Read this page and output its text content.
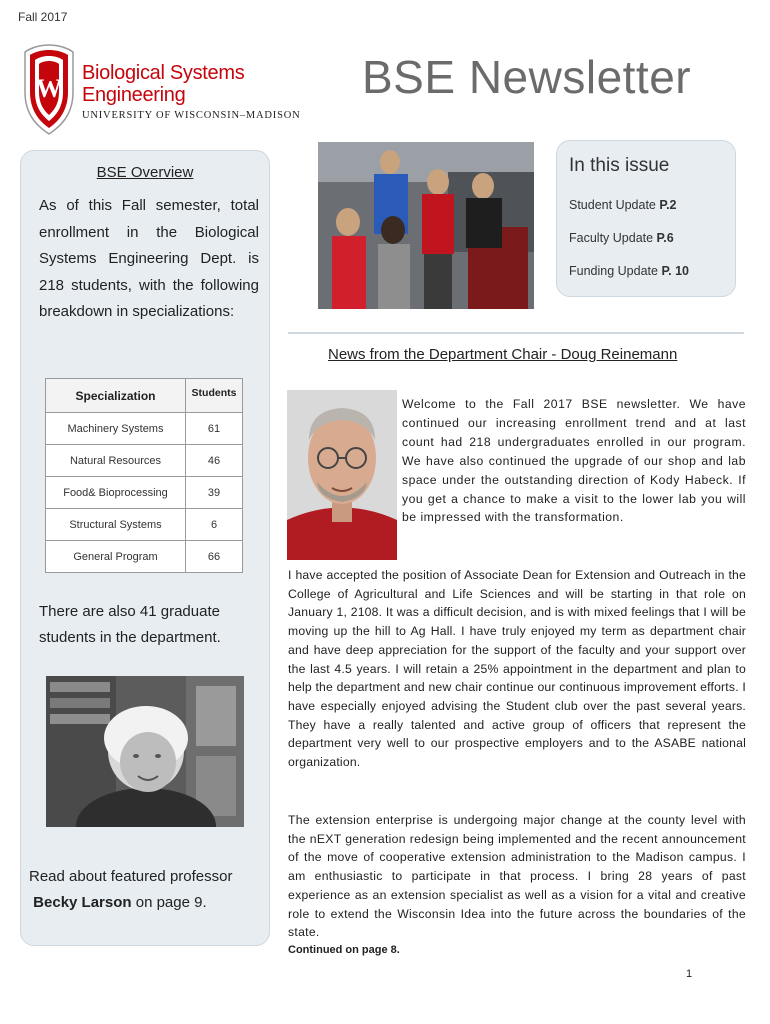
Fall 2017
W
Biological Systems
Engineering
UNIVERSITY OF WISCONSIN–MADISON
BSE Newsletter
BSE Overview
As of this Fall semester, total enrollment in the Biological Systems Engineering Dept. is 218 students, with the following breakdown in specializations:
Specialization	Students
Machinery Systems	61
Natural Resources	46
Food& Bioprocessing	39
Structural Systems	6
General Program	66
There are also 41 graduate students in the department.
Read about featured professor
Becky Larson on page 9.
In this issue
Student Update P.2
Faculty Update P.6
Funding Update P. 10
News from the Department Chair - Doug Reinemann
Welcome to the Fall 2017 BSE newsletter. We have continued our increasing enrollment trend and at last count had 218 undergraduates enrolled in our program. We have also continued the upgrade of our shop and lab space under the outstanding direction of Kody Habeck. If you get a chance to make a visit to the lower lab you will be impressed with the transformation.
I have accepted the position of Associate Dean for Extension and Outreach in the College of Agricultural and Life Sciences and will be starting in that role on January 1, 2108. It was a difficult decision, and is with mixed feelings that I will be moving up the hill to Ag Hall. I have truly enjoyed my term as department chair and have deep appreciation for the support of the faculty and your support over the last 4.5 years. I will retain a 25% appointment in the department and plan to help the department and new chair continue our continuous improvement efforts. I have especially enjoyed advising the Student club over the past several years. They have a really talented and active group of officers that represent the department very well to our prospective employers and to the ASABE national organization.
The extension enterprise is undergoing major change at the county level with the nEXT generation redesign being implemented and the recent announcement of the move of cooperative extension administration to the Madison campus. I am enthusiastic to participate in that process. I bring 28 years of past experience as an extension specialist as well as a vision for a vital and creative role to extend the Wisconsin Idea into the future across the boundaries of the state.
Continued on page 8.
1
